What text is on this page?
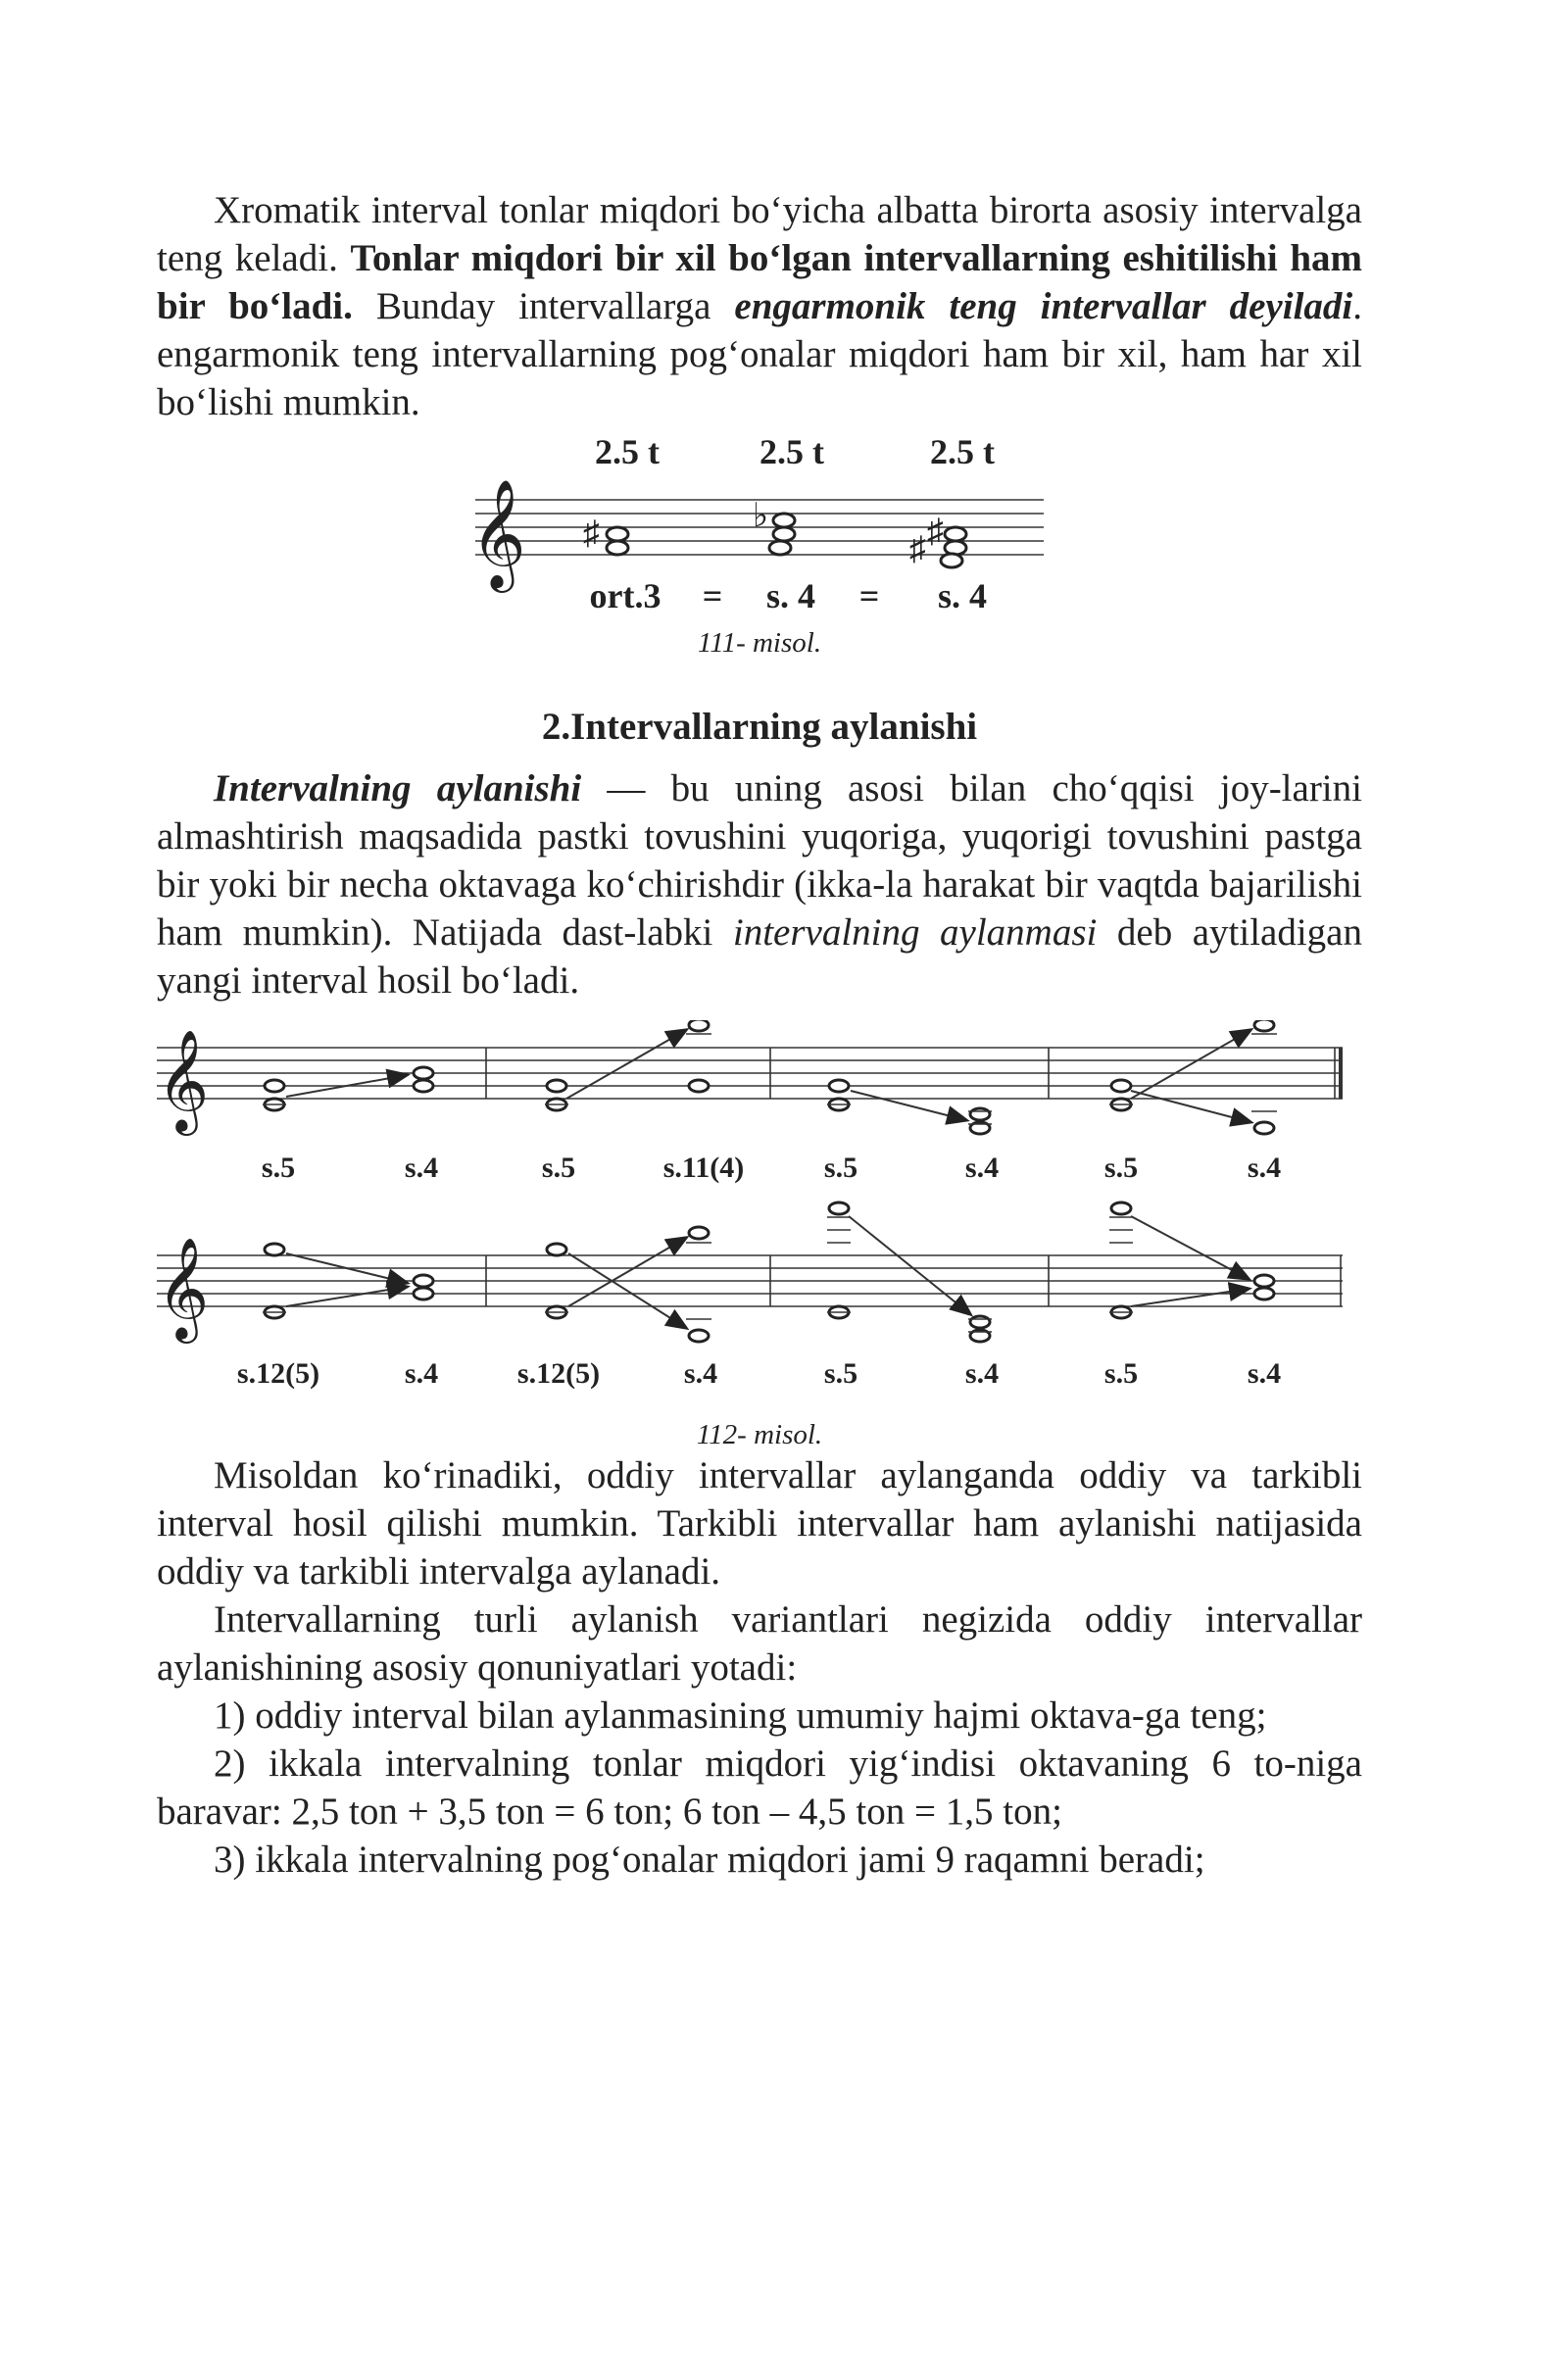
Xromatik interval tonlar miqdori bo‘yicha albatta birorta asosiy intervalga teng keladi. Tonlar miqdori bir xil bo‘lgan intervallarning eshitilishi ham bir bo‘ladi. Bunday intervallarga engarmonik teng intervallar deyiladi. engarmonik teng intervallarning pog‘onalar miqdori ham bir xil, ham har xil bo‘lishi mumkin.

2.5 t	2.5 t	2.5 t
𝄞 ♯	♭
♯ ♯
ort.3 = s. 4 = s. 4
111- misol.
2.Intervallarning aylanishi

Intervalning aylanishi — bu uning asosi bilan cho‘qqisi joy-larini almashtirish maqsadida pastki tovushini yuqoriga, yuqorigi tovushini pastga bir yoki bir necha oktavaga ko‘chirishdir (ikka-la harakat bir vaqtda bajarilishi ham mumkin). Natijada dast-labki intervalning aylanmasi deb aytiladigan yangi interval hosil bo‘ladi.

𝄞
s.5	s.4	s.5	s.11(4)	s.5	s.4	s.5	s.4
𝄞
s.12(5)	s.4	s.12(5)	s.4	s.5	s.4	s.5	s.4
112- misol.

Misoldan ko‘rinadiki, oddiy intervallar aylanganda oddiy va tarkibli interval hosil qilishi mumkin. Tarkibli intervallar ham aylanishi natijasida oddiy va tarkibli intervalga aylanadi.

Intervallarning turli aylanish variantlari negizida oddiy intervallar aylanishining asosiy qonuniyatlari yotadi:

1) oddiy interval bilan aylanmasining umumiy hajmi oktava-ga teng;

2) ikkala intervalning tonlar miqdori yig‘indisi oktavaning 6 to-niga baravar: 2,5 ton + 3,5 ton = 6 ton; 6 ton – 4,5 ton = 1,5 ton;

3) ikkala intervalning pog‘onalar miqdori jami 9 raqamni beradi;
